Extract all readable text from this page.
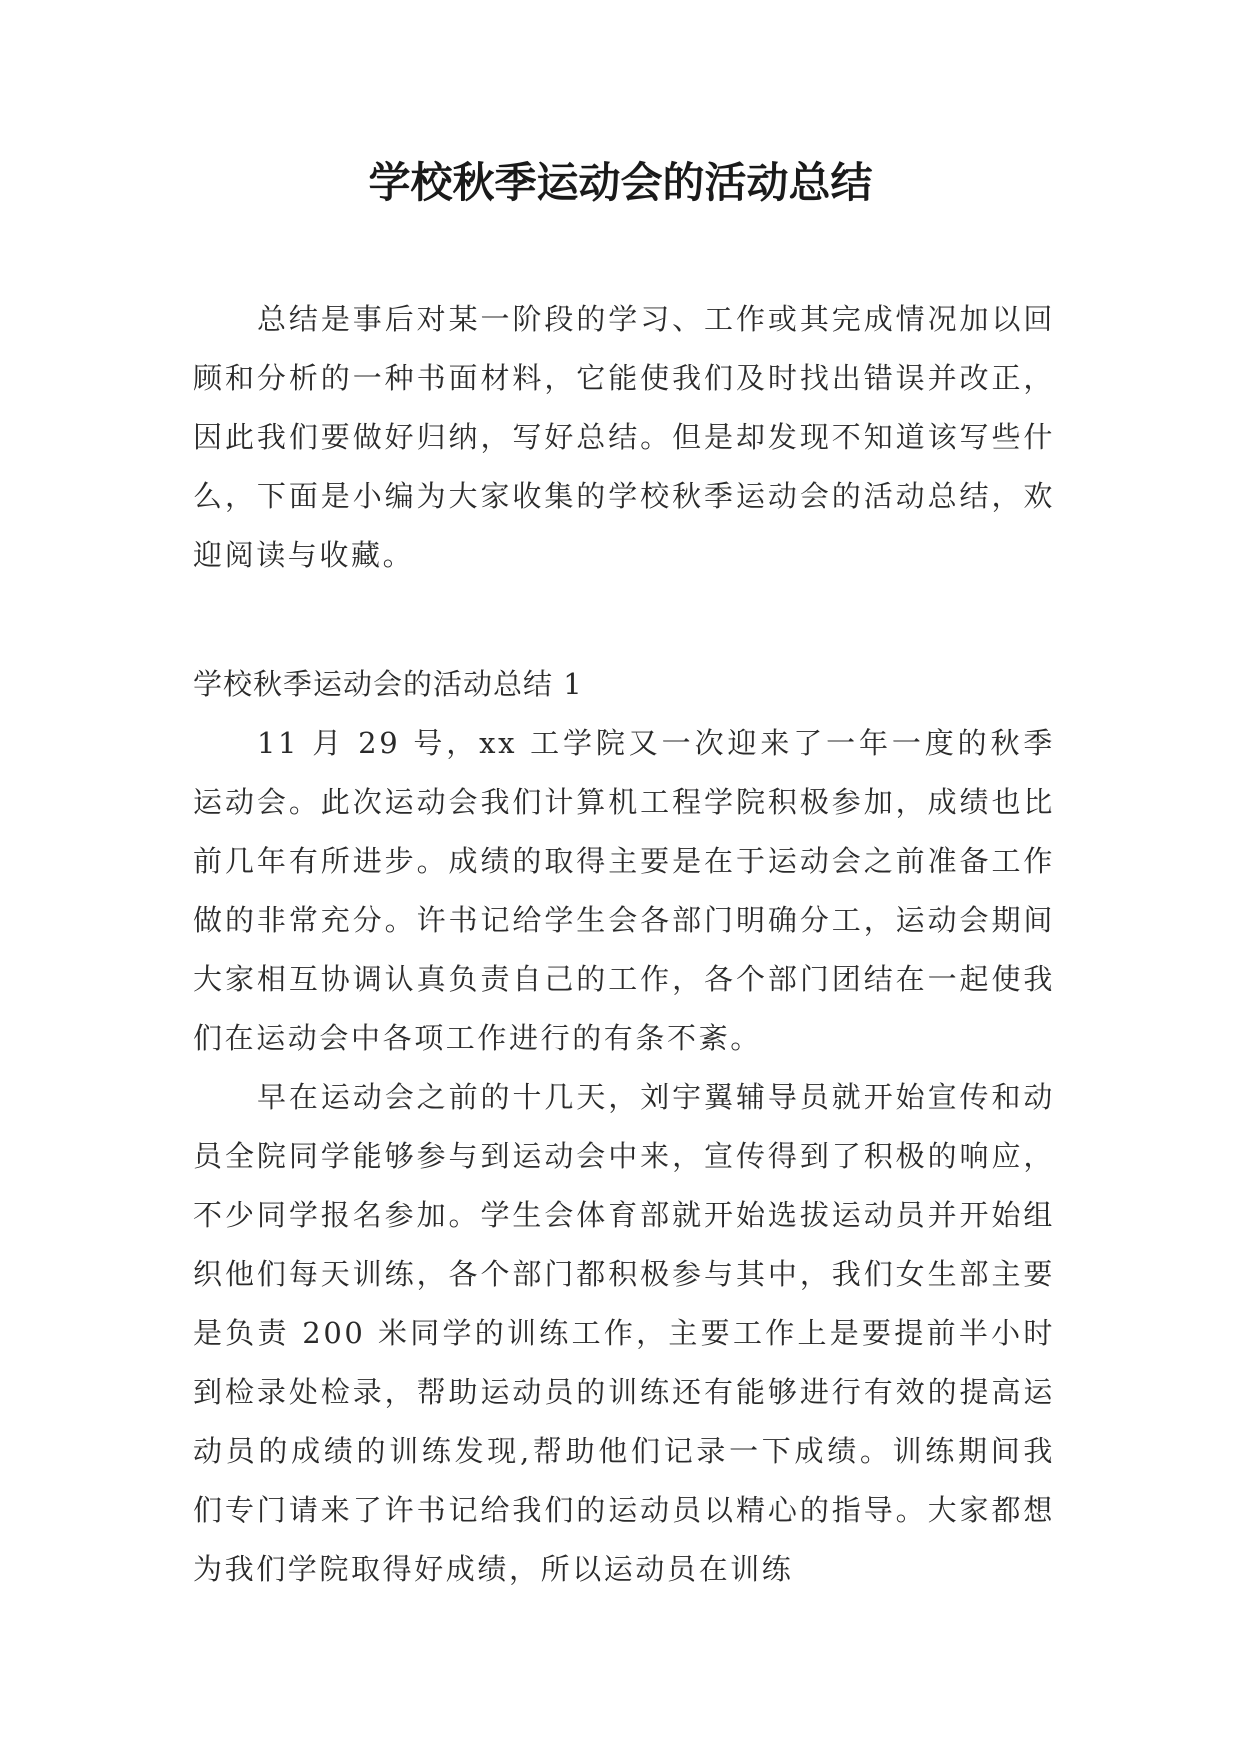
学校秋季运动会的活动总结

总结是事后对某一阶段的学习、工作或其完成情况加以回顾和分析的一种书面材料，它能使我们及时找出错误并改正，因此我们要做好归纳，写好总结。但是却发现不知道该写些什么，下面是小编为大家收集的学校秋季运动会的活动总结，欢迎阅读与收藏。

学校秋季运动会的活动总结 1

11 月 29 号，xx 工学院又一次迎来了一年一度的秋季运动会。此次运动会我们计算机工程学院积极参加，成绩也比前几年有所进步。成绩的取得主要是在于运动会之前准备工作做的非常充分。许书记给学生会各部门明确分工，运动会期间大家相互协调认真负责自己的工作，各个部门团结在一起使我们在运动会中各项工作进行的有条不紊。

早在运动会之前的十几天，刘宇翼辅导员就开始宣传和动员全院同学能够参与到运动会中来，宣传得到了积极的响应，不少同学报名参加。学生会体育部就开始选拔运动员并开始组织他们每天训练，各个部门都积极参与其中，我们女生部主要是负责 200 米同学的训练工作，主要工作上是要提前半小时到检录处检录，帮助运动员的训练还有能够进行有效的提高运动员的成绩的训练发现,帮助他们记录一下成绩。训练期间我们专门请来了许书记给我们的运动员以精心的指导。大家都想为我们学院取得好成绩，所以运动员在训练
